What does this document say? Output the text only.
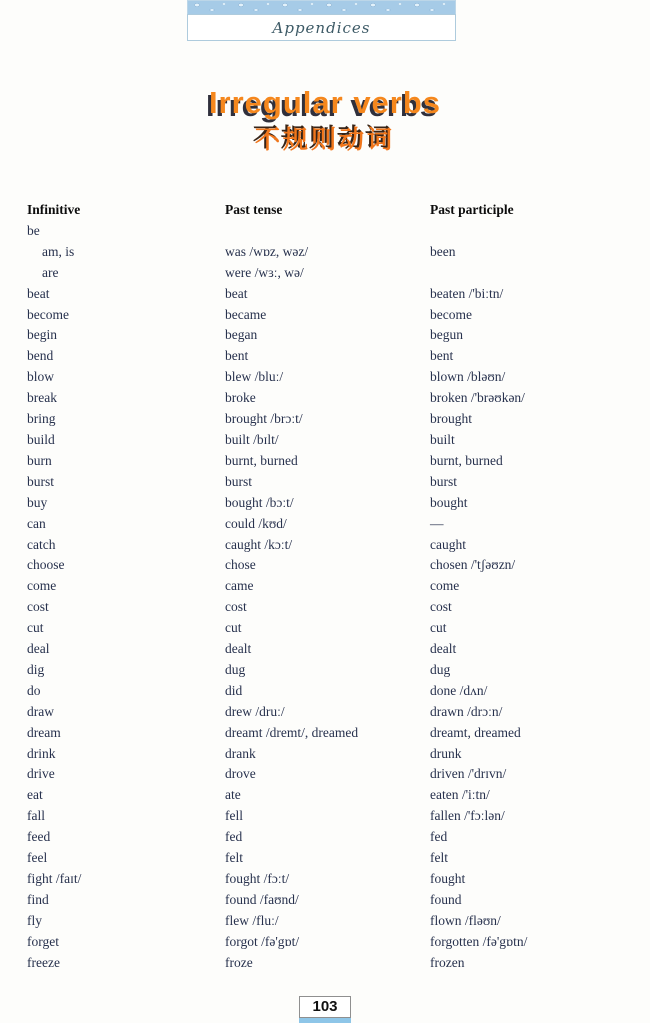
Appendices
Irregular verbs
不规则动词
Infinitive	Past tense	Past participle
be
am, is	was /wɒz, wəz/	been
are	were /wɜː, wə/
beat	beat	beaten /'biːtn/
become	became	become
begin	began	begun
bend	bent	bent
blow	blew /bluː/	blown /bləʊn/
break	broke	broken /'brəʊkən/
bring	brought /brɔːt/	brought
build	built /bɪlt/	built
burn	burnt, burned	burnt, burned
burst	burst	burst
buy	bought /bɔːt/	bought
can	could /kʊd/	—
catch	caught /kɔːt/	caught
choose	chose	chosen /'tʃəʊzn/
come	came	come
cost	cost	cost
cut	cut	cut
deal	dealt	dealt
dig	dug	dug
do	did	done /dʌn/
draw	drew /druː/	drawn /drɔːn/
dream	dreamt /dremt/, dreamed	dreamt, dreamed
drink	drank	drunk
drive	drove	driven /'drɪvn/
eat	ate	eaten /'iːtn/
fall	fell	fallen /'fɔːlən/
feed	fed	fed
feel	felt	felt
fight /faɪt/	fought /fɔːt/	fought
find	found /faʊnd/	found
fly	flew /fluː/	flown /fləʊn/
forget	forgot /fə'gɒt/	forgotten /fə'gɒtn/
freeze	froze	frozen
103
